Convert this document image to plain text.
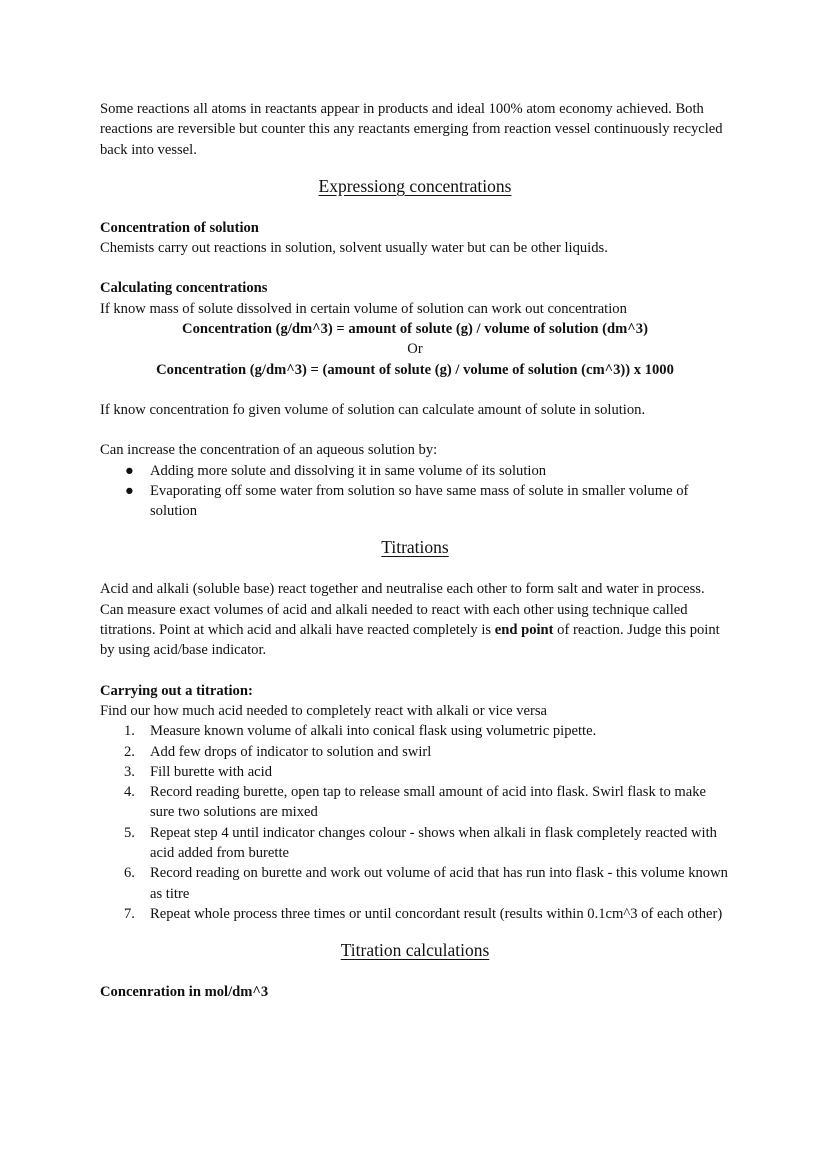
Some reactions all atoms in reactants appear in products and ideal 100% atom economy achieved. Both reactions are reversible but counter this any reactants emerging from reaction vessel continuously recycled back into vessel.

Expressiong concentrations

Concentration of solution

Chemists carry out reactions in solution, solvent usually water but can be other liquids.

Calculating concentrations

If know mass of solute dissolved in certain volume of solution can work out concentration

Concentration (g/dm^3) = amount of solute (g) / volume of solution (dm^3)

Or

Concentration (g/dm^3) = (amount of solute (g) / volume of solution (cm^3)) x 1000

If know concentration fo given volume of solution can calculate amount of solute in solution.

Can increase the concentration of an aqueous solution by:

● Adding more solute and dissolving it in same volume of its solution
● Evaporating off some water from solution so have same mass of solute in smaller volume of solution
Titrations

Acid and alkali (soluble base) react together and neutralise each other to form salt and water in process. Can measure exact volumes of acid and alkali needed to react with each other using technique called titrations. Point at which acid and alkali have reacted completely is end point of reaction. Judge this point by using acid/base indicator.

Carrying out a titration:

Find our how much acid needed to completely react with alkali or vice versa

1. Measure known volume of alkali into conical flask using volumetric pipette.
2. Add few drops of indicator to solution and swirl
3. Fill burette with acid
4. Record reading burette, open tap to release small amount of acid into flask. Swirl flask to make sure two solutions are mixed
5. Repeat step 4 until indicator changes colour - shows when alkali in flask completely reacted with acid added from burette
6. Record reading on burette and work out volume of acid that has run into flask - this volume known as titre
7. Repeat whole process three times or until concordant result (results within 0.1cm^3 of each other)
Titration calculations

Concenration in mol/dm^3
